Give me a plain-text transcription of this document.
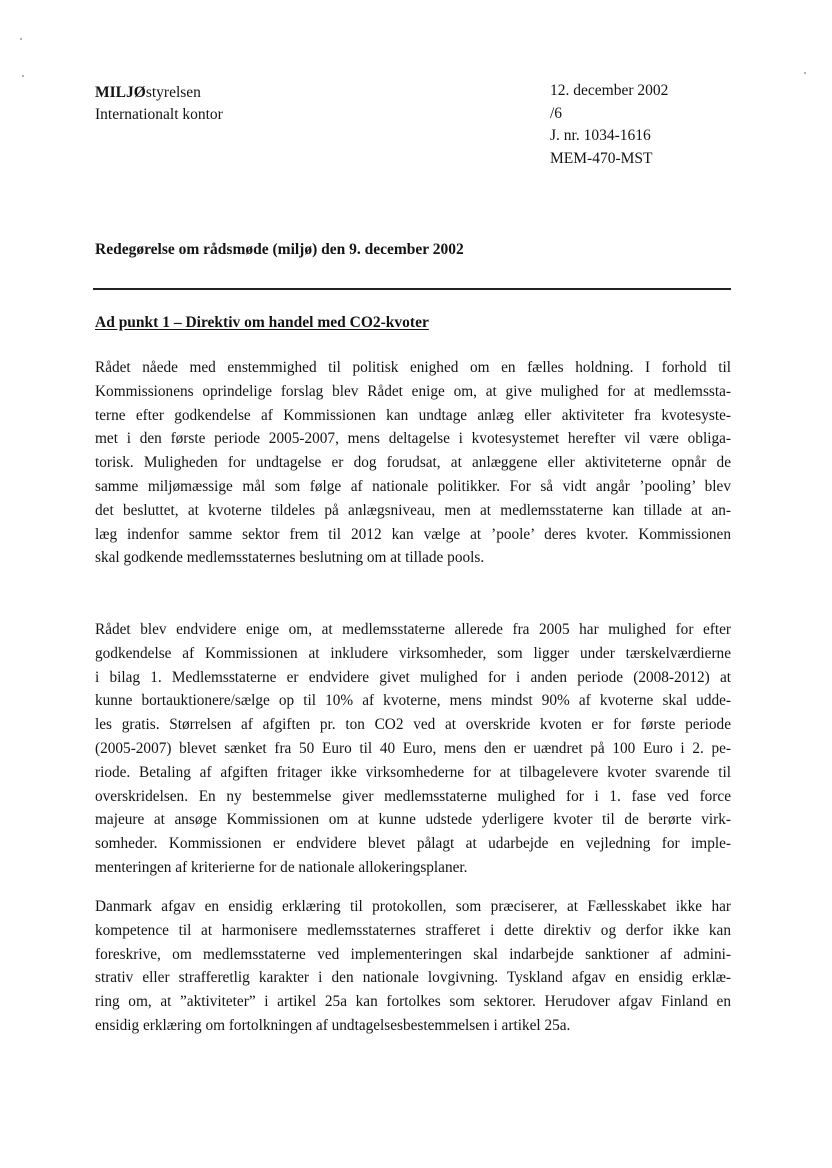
MILJØstyrelsen
Internationalt kontor
12. december 2002
/6
J. nr. 1034-1616
MEM-470-MST
Redegørelse om rådsmøde (miljø) den 9. december 2002
Ad punkt 1 – Direktiv om handel med CO2-kvoter
Rådet nåede med enstemmighed til politisk enighed om en fælles holdning. I forhold til
Kommissionens oprindelige forslag blev Rådet enige om, at give mulighed for at medlemssta-
terne efter godkendelse af Kommissionen kan undtage anlæg eller aktiviteter fra kvotesyste-
met i den første periode 2005-2007, mens deltagelse i kvotesystemet herefter vil være obliga-
torisk. Muligheden for undtagelse er dog forudsat, at anlæggene eller aktiviteterne opnår de
samme miljømæssige mål som følge af nationale politikker. For så vidt angår ’pooling’ blev
det besluttet, at kvoterne tildeles på anlægsniveau, men at medlemsstaterne kan tillade at an-
læg indenfor samme sektor frem til 2012 kan vælge at ’poole’ deres kvoter. Kommissionen
skal godkende medlemsstaternes beslutning om at tillade pools.
Rådet blev endvidere enige om, at medlemsstaterne allerede fra 2005 har mulighed for efter
godkendelse af Kommissionen at inkludere virksomheder, som ligger under tærskelværdierne
i bilag 1. Medlemsstaterne er endvidere givet mulighed for i anden periode (2008-2012) at
kunne bortauktionere/sælge op til 10% af kvoterne, mens mindst 90% af kvoterne skal udde-
les gratis. Størrelsen af afgiften pr. ton CO2 ved at overskride kvoten er for første periode
(2005-2007) blevet sænket fra 50 Euro til 40 Euro, mens den er uændret på 100 Euro i 2. pe-
riode. Betaling af afgiften fritager ikke virksomhederne for at tilbagelevere kvoter svarende til
overskridelsen. En ny bestemmelse giver medlemsstaterne mulighed for i 1. fase ved force
majeure at ansøge Kommissionen om at kunne udstede yderligere kvoter til de berørte virk-
somheder. Kommissionen er endvidere blevet pålagt at udarbejde en vejledning for imple-
menteringen af kriterierne for de nationale allokeringsplaner.
Danmark afgav en ensidig erklæring til protokollen, som præciserer, at Fællesskabet ikke har
kompetence til at harmonisere medlemsstaternes strafferet i dette direktiv og derfor ikke kan
foreskrive, om medlemsstaterne ved implementeringen skal indarbejde sanktioner af admini-
strativ eller strafferetlig karakter i den nationale lovgivning. Tyskland afgav en ensidig erklæ-
ring om, at ”aktiviteter” i artikel 25a kan fortolkes som sektorer. Herudover afgav Finland en
ensidig erklæring om fortolkningen af undtagelsesbestemmelsen i artikel 25a.
